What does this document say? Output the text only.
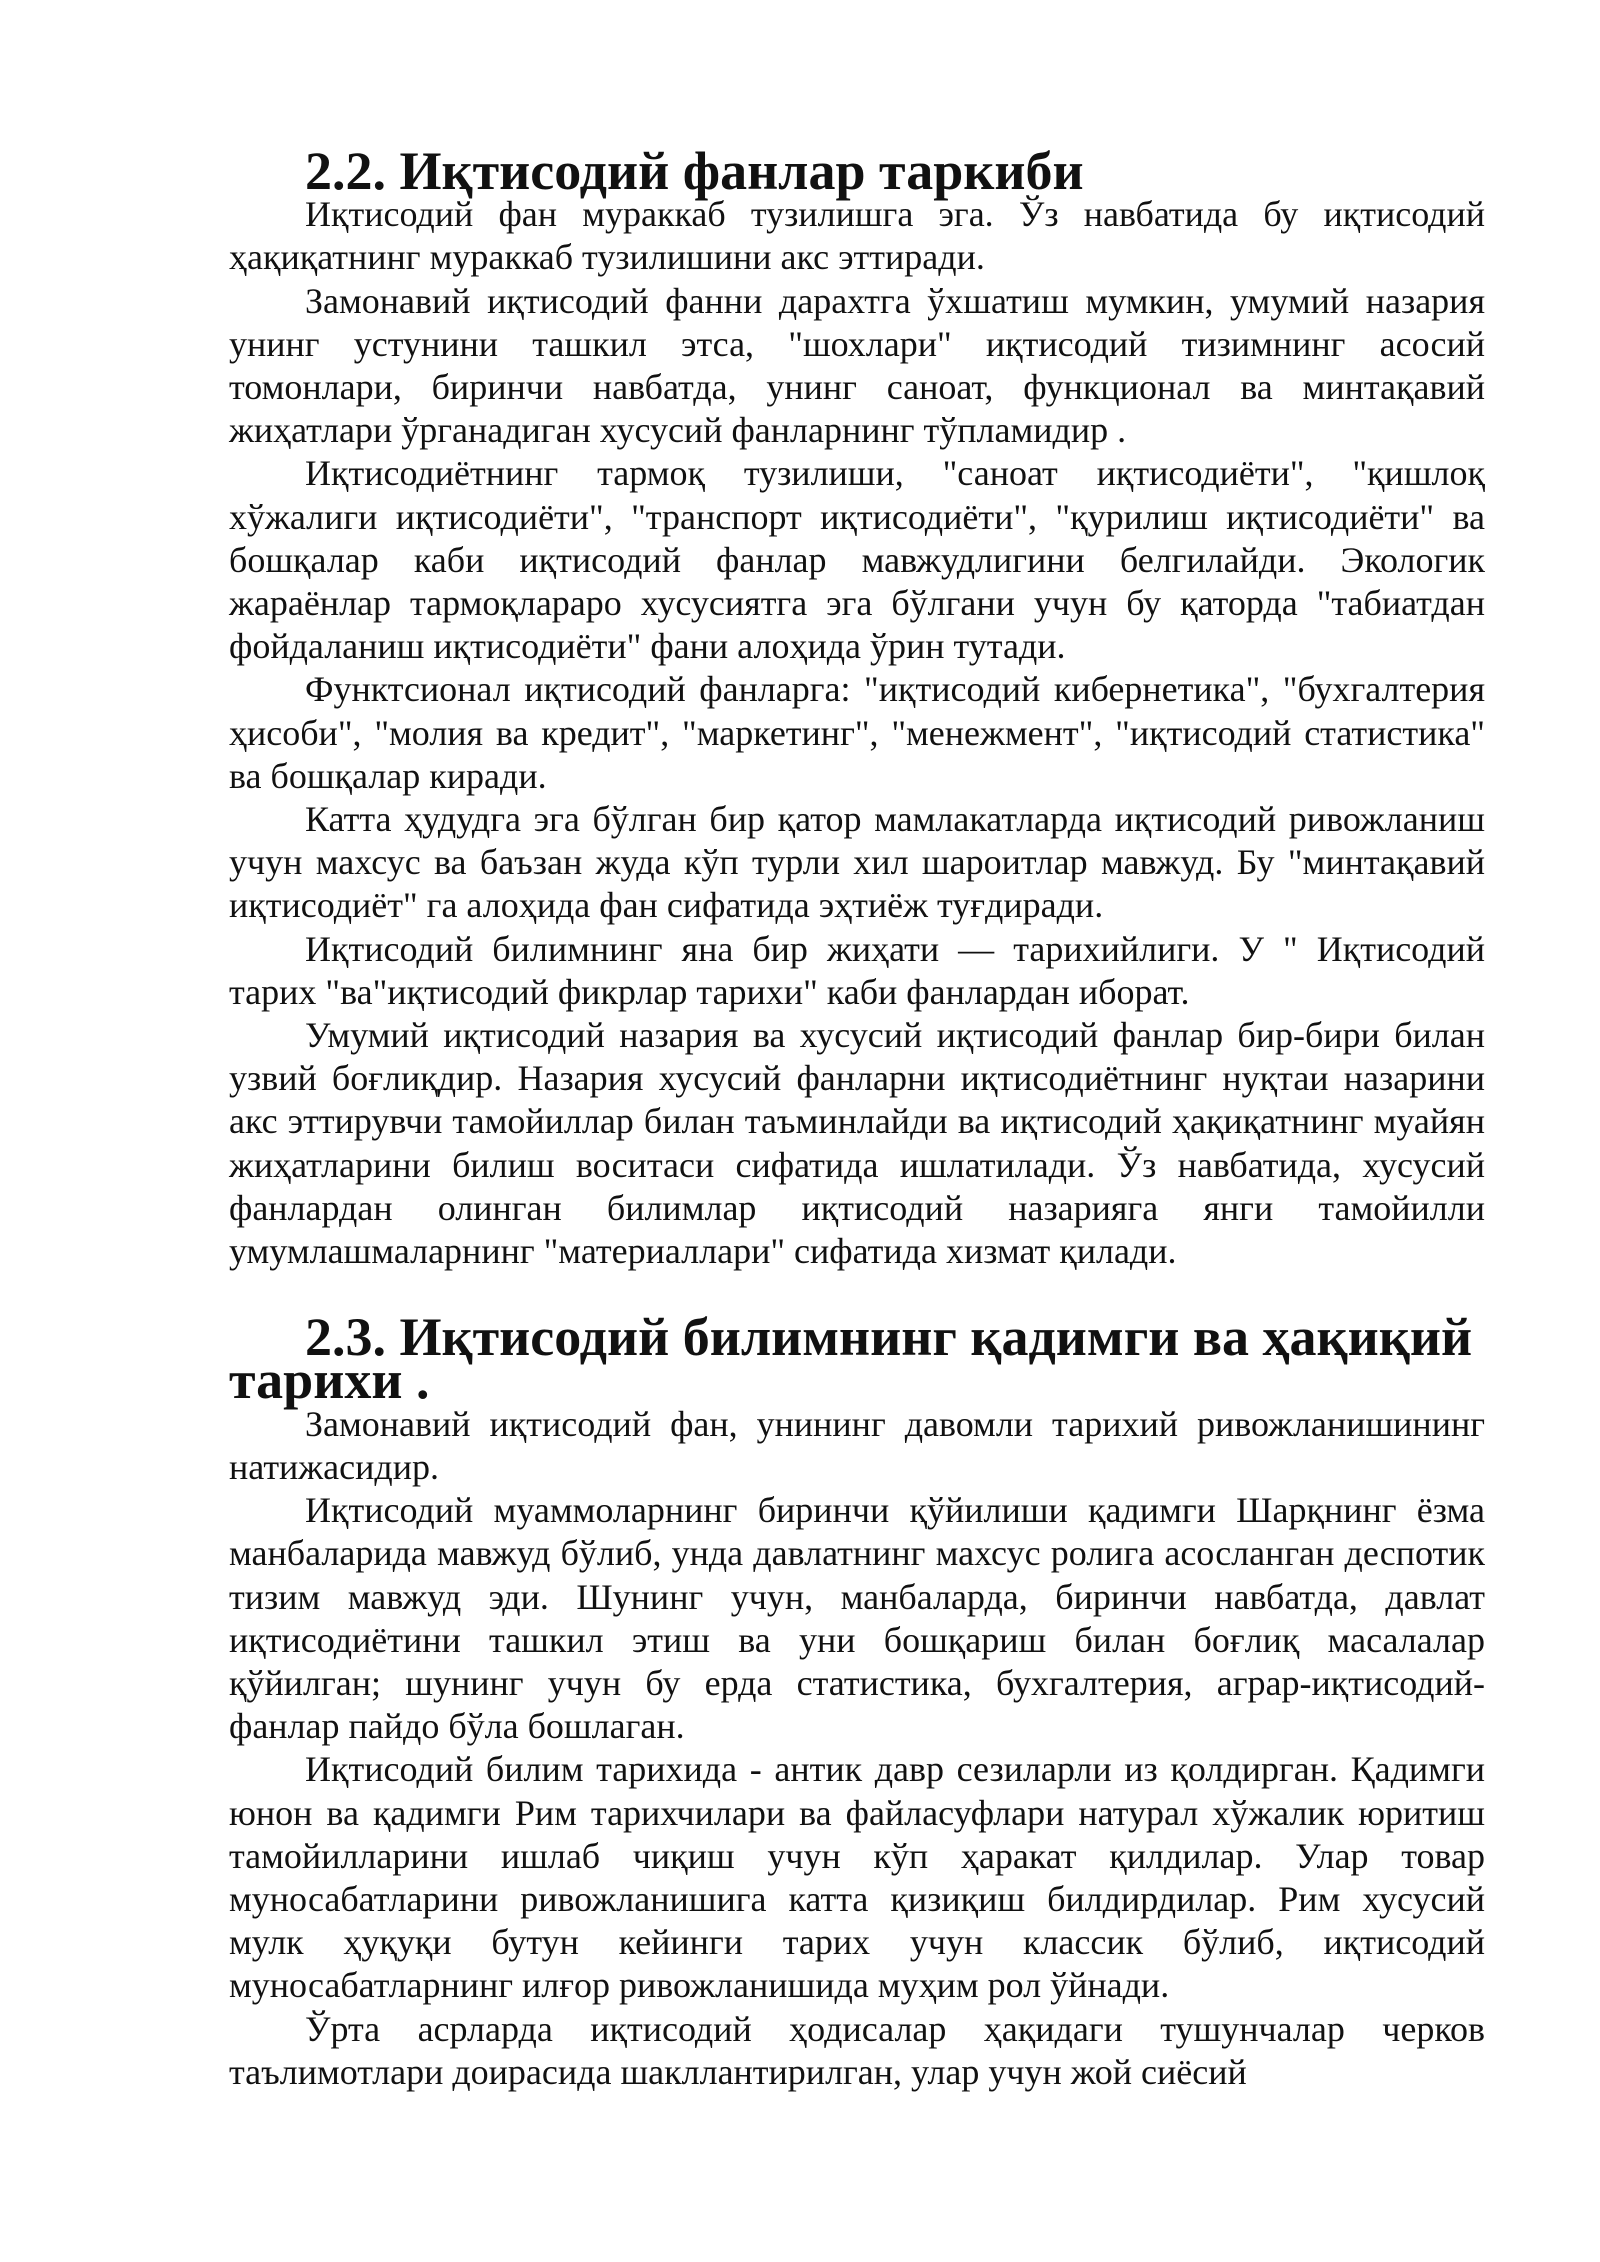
2.2. Иқтисодий фанлар таркиби

Иқтисодий фан мураккаб тузилишга эга. Ўз навбатида бу иқтисодий ҳақиқатнинг мураккаб тузилишини акс эттиради.

Замонавий иқтисодий фанни дарахтга ўхшатиш мумкин, умумий назария унинг устунини ташкил этса, "шохлари" иқтисодий тизимнинг асосий томонлари, биринчи навбатда, унинг саноат, функционал ва минтақавий жиҳатлари ўрганадиган хусусий фанларнинг тўпламидир .

Иқтисодиётнинг тармоқ тузилиши, "саноат иқтисодиёти", "қишлоқ хўжалиги иқтисодиёти", "транспорт иқтисодиёти", "қурилиш иқтисодиёти" ва бошқалар каби иқтисодий фанлар мавжудлигини белгилайди. Экологик жараёнлар тармоқлараро хусусиятга эга бўлгани учун бу қаторда "табиатдан фойдаланиш иқтисодиёти" фани алоҳида ўрин тутади.

Функтсионал иқтисодий фанларга: "иқтисодий кибернетика", "бухгалтерия ҳисоби", "молия ва кредит", "маркетинг", "менежмент", "иқтисодий статистика" ва бошқалар киради.

Катта ҳудудга эга бўлган бир қатор мамлакатларда иқтисодий ривожланиш учун махсус ва баъзан жуда кўп турли хил шароитлар мавжуд. Бу "минтақавий иқтисодиёт" га алоҳида фан сифатида эҳтиёж туғдиради.

Иқтисодий билимнинг яна бир жиҳати — тарихийлиги. У " Иқтисодий тарих "ва"иқтисодий фикрлар тарихи" каби фанлардан иборат.

Умумий иқтисодий назария ва хусусий иқтисодий фанлар бир-бири билан узвий боғлиқдир. Назария хусусий фанларни иқтисодиётнинг нуқтаи назарини акс эттирувчи тамойиллар билан таъминлайди ва иқтисодий ҳақиқатнинг муайян жиҳатларини билиш воситаси сифатида ишлатилади. Ўз навбатида, хусусий фанлардан олинган билимлар иқтисодий назарияга янги тамойилли умумлашмаларнинг "материаллари" сифатида хизмат қилади.

2.3. Иқтисодий билимнинг қадимги ва ҳақиқий тарихи .

Замонавий иқтисодий фан, унининг давомли тарихий ривожланишининг натижасидир.

Иқтисодий муаммоларнинг биринчи қўйилиши қадимги Шарқнинг ёзма манбаларида мавжуд бўлиб, унда давлатнинг махсус ролига асосланган деспотик тизим мавжуд эди. Шунинг учун, манбаларда, биринчи навбатда, давлат иқтисодиётини ташкил этиш ва уни бошқариш билан боғлиқ масалалар қўйилган; шунинг учун бу ерда статистика, бухгалтерия, аграр-иқтисодий- фанлар пайдо бўла бошлаган.

Иқтисодий билим тарихида - антик давр сезиларли из қолдирган. Қадимги юнон ва қадимги Рим тарихчилари ва файласуфлари натурал хўжалик юритиш тамойилларини ишлаб чиқиш учун кўп ҳаракат қилдилар. Улар товар муносабатларини ривожланишига катта қизиқиш билдирдилар. Рим хусусий мулк ҳуқуқи бутун кейинги тарих учун классик бўлиб, иқтисодий муносабатларнинг илғор ривожланишида муҳим рол ўйнади.

Ўрта асрларда иқтисодий ҳодисалар ҳақидаги тушунчалар черков таълимотлари доирасида шакллантирилган, улар учун жой сиёсий
